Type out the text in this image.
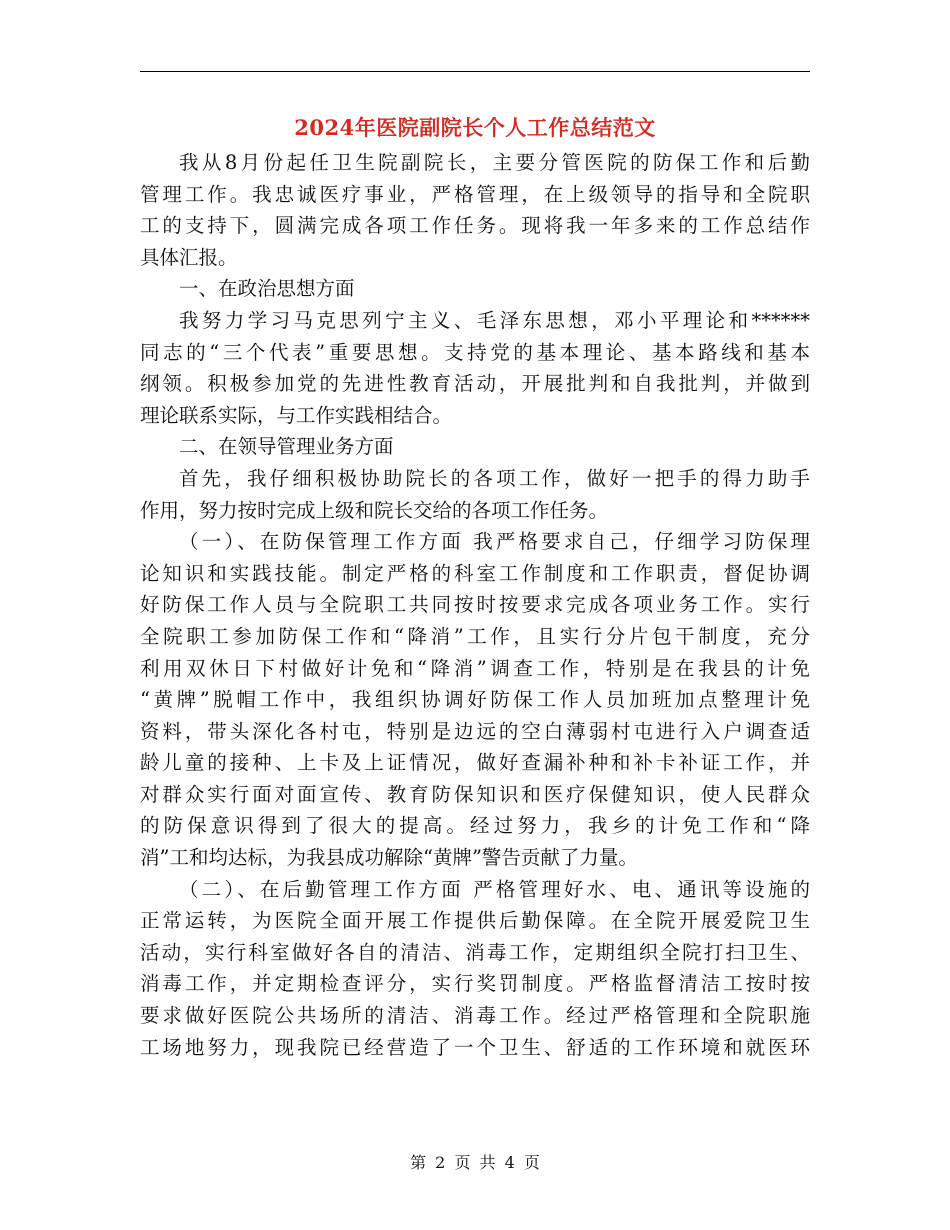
2024年医院副院长个人工作总结范文
我从8月份起任卫生院副院长，主要分管医院的防保工作和后勤
管理工作。我忠诚医疗事业，严格管理，在上级领导的指导和全院职
工的支持下，圆满完成各项工作任务。现将我一年多来的工作总结作
具体汇报。
一、在政治思想方面
我努力学习马克思列宁主义、毛泽东思想，邓小平理论和******
同志的“三个代表”重要思想。支持党的基本理论、基本路线和基本
纲领。积极参加党的先进性教育活动，开展批判和自我批判，并做到
理论联系实际，与工作实践相结合。
二、在领导管理业务方面
首先，我仔细积极协助院长的各项工作，做好一把手的得力助手
作用，努力按时完成上级和院长交给的各项工作任务。
（一）、在防保管理工作方面 我严格要求自己，仔细学习防保理
论知识和实践技能。制定严格的科室工作制度和工作职责，督促协调
好防保工作人员与全院职工共同按时按要求完成各项业务工作。实行
全院职工参加防保工作和“降消”工作，且实行分片包干制度，充分
利用双休日下村做好计免和“降消”调查工作，特别是在我县的计免
“黄牌”脱帽工作中，我组织协调好防保工作人员加班加点整理计免
资料，带头深化各村屯，特别是边远的空白薄弱村屯进行入户调查适
龄儿童的接种、上卡及上证情况，做好查漏补种和补卡补证工作，并
对群众实行面对面宣传、教育防保知识和医疗保健知识，使人民群众
的防保意识得到了很大的提高。经过努力，我乡的计免工作和“降
消”工和均达标，为我县成功解除“黄牌”警告贡献了力量。
（二）、在后勤管理工作方面 严格管理好水、电、通讯等设施的
正常运转，为医院全面开展工作提供后勤保障。在全院开展爱院卫生
活动，实行科室做好各自的清洁、消毒工作，定期组织全院打扫卫生、
消毒工作，并定期检查评分，实行奖罚制度。严格监督清洁工按时按
要求做好医院公共场所的清洁、消毒工作。经过严格管理和全院职施
工场地努力，现我院已经营造了一个卫生、舒适的工作环境和就医环
第 2 页 共 4 页
